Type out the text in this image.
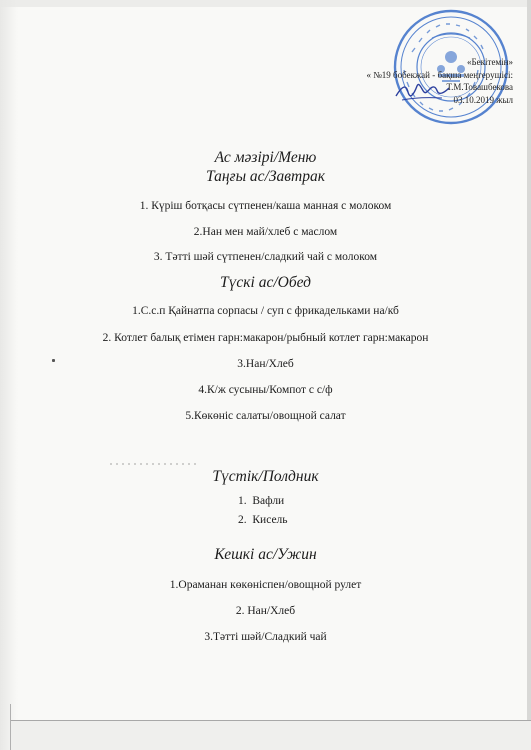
«Бекітемін»
« №19 бобекжай - бақша меңгерушісі:
Т.М.Товашбекова
03.10.2019 жыл
Ас мәзірі/Меню
Таңғы ас/Завтрак
1. Күріш ботқасы сүтпенен/каша манная с молоком
2.Нан мен май/хлеб с маслом
3. Тәтті шәй сүтпенен/сладкий чай с молоком
Түскі ас/Обед
1.С.с.п Қайнатпа сорпасы / суп с фрикадельками на/кб
2. Котлет балық етімен гарн:макарон/рыбный котлет гарн:макарон
3.Нан/Хлеб
4.К/ж сусыны/Компот с с/ф
5.Көкөніс салаты/овощной салат
Түстік/Полдник
1. Вафли
2. Кисель
Кешкі ас/Ужин
1.Ораманан көкөніспен/овощной рулет
2. Нан/Хлеб
3.Тәтті шәй/Сладкий чай
